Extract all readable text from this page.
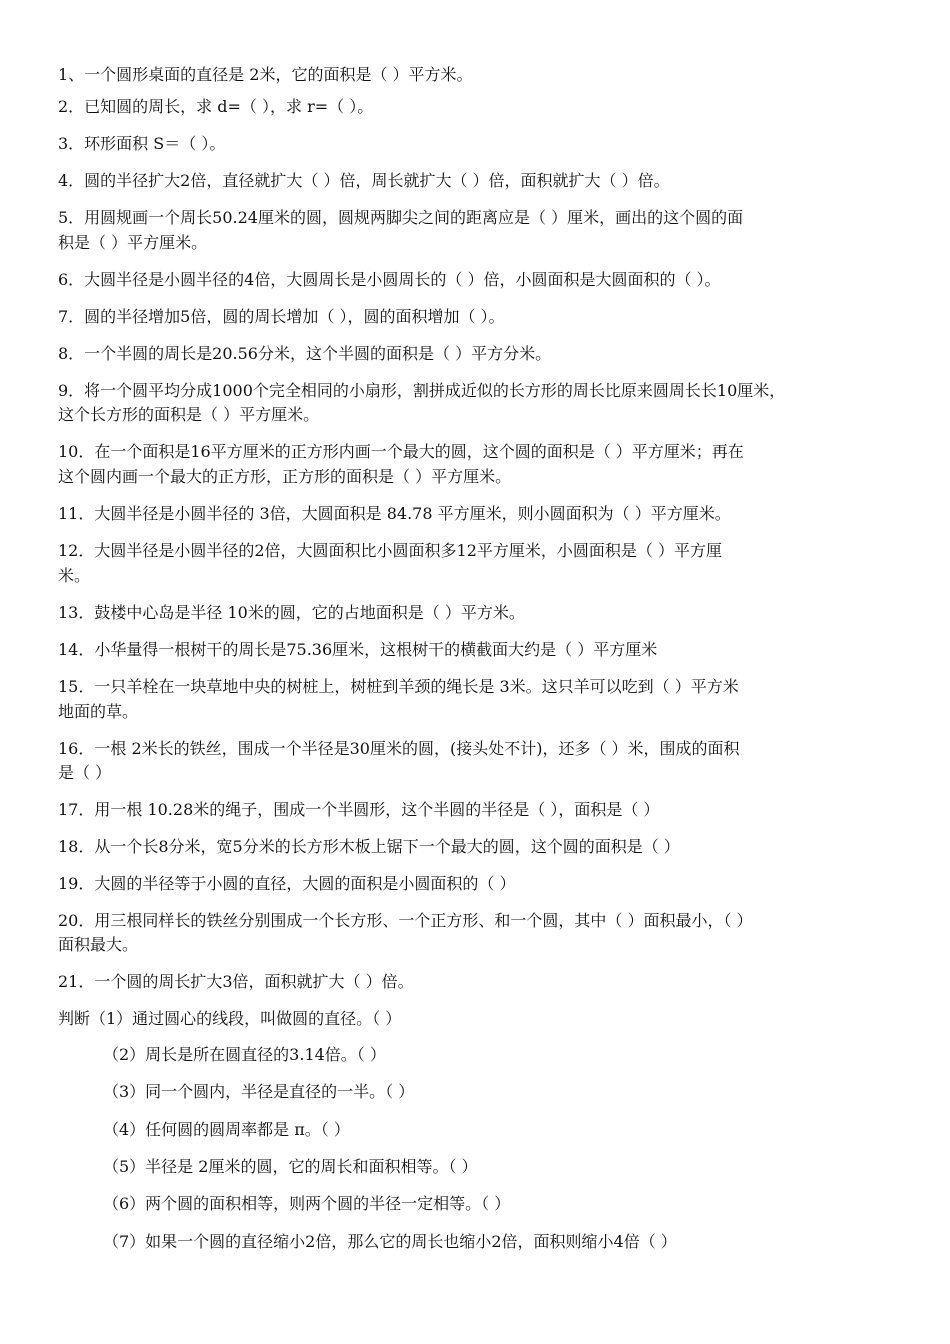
1、一个圆形桌面的直径是 2米，它的面积是（ ）平方米。
2．已知圆的周长，求 d=（ ），求 r=（ ）。
3．环形面积 S＝（ ）。
4．圆的半径扩大2倍，直径就扩大（ ）倍，周长就扩大（ ）倍，面积就扩大（ ）倍。
5．用圆规画一个周长50.24厘米的圆，圆规两脚尖之间的距离应是（ ）厘米，画出的这个圆的面
积是（ ）平方厘米。
6．大圆半径是小圆半径的4倍，大圆周长是小圆周长的（ ）倍，小圆面积是大圆面积的（ ）。
7．圆的半径增加5倍，圆的周长增加（ ），圆的面积增加（ ）。
8．一个半圆的周长是20.56分米，这个半圆的面积是（ ）平方分米。
9．将一个圆平均分成1000个完全相同的小扇形，割拼成近似的长方形的周长比原来圆周长长10厘米，
这个长方形的面积是（ ）平方厘米。
10．在一个面积是16平方厘米的正方形内画一个最大的圆，这个圆的面积是（ ）平方厘米；再在
这个圆内画一个最大的正方形，正方形的面积是（ ）平方厘米。
11．大圆半径是小圆半径的 3倍，大圆面积是 84.78 平方厘米，则小圆面积为（ ）平方厘米。
12．大圆半径是小圆半径的2倍，大圆面积比小圆面积多12平方厘米，小圆面积是（ ）平方厘
米。
13．鼓楼中心岛是半径 10米的圆，它的占地面积是（ ）平方米。
14．小华量得一根树干的周长是75.36厘米，这根树干的横截面大约是（ ）平方厘米
15．一只羊栓在一块草地中央的树桩上，树桩到羊颈的绳长是 3米。这只羊可以吃到（ ）平方米
地面的草。
16．一根 2米长的铁丝，围成一个半径是30厘米的圆，(接头处不计)，还多（ ）米，围成的面积
是（ ）
17．用一根 10.28米的绳子，围成一个半圆形，这个半圆的半径是（ ），面积是（ ）
18．从一个长8分米，宽5分米的长方形木板上锯下一个最大的圆，这个圆的面积是（ ）
19．大圆的半径等于小圆的直径，大圆的面积是小圆面积的（ ）
20．用三根同样长的铁丝分别围成一个长方形、一个正方形、和一个圆，其中（ ）面积最小，（ ）
面积最大。
21．一个圆的周长扩大3倍，面积就扩大（ ）倍。
判断（1）通过圆心的线段，叫做圆的直径。（ ）
（2）周长是所在圆直径的3.14倍。（ ）
（3）同一个圆内，半径是直径的一半。（ ）
（4）任何圆的圆周率都是 π。（ ）
（5）半径是 2厘米的圆，它的周长和面积相等。（ ）
（6）两个圆的面积相等，则两个圆的半径一定相等。（ ）
（7）如果一个圆的直径缩小2倍，那么它的周长也缩小2倍，面积则缩小4倍（ ）
